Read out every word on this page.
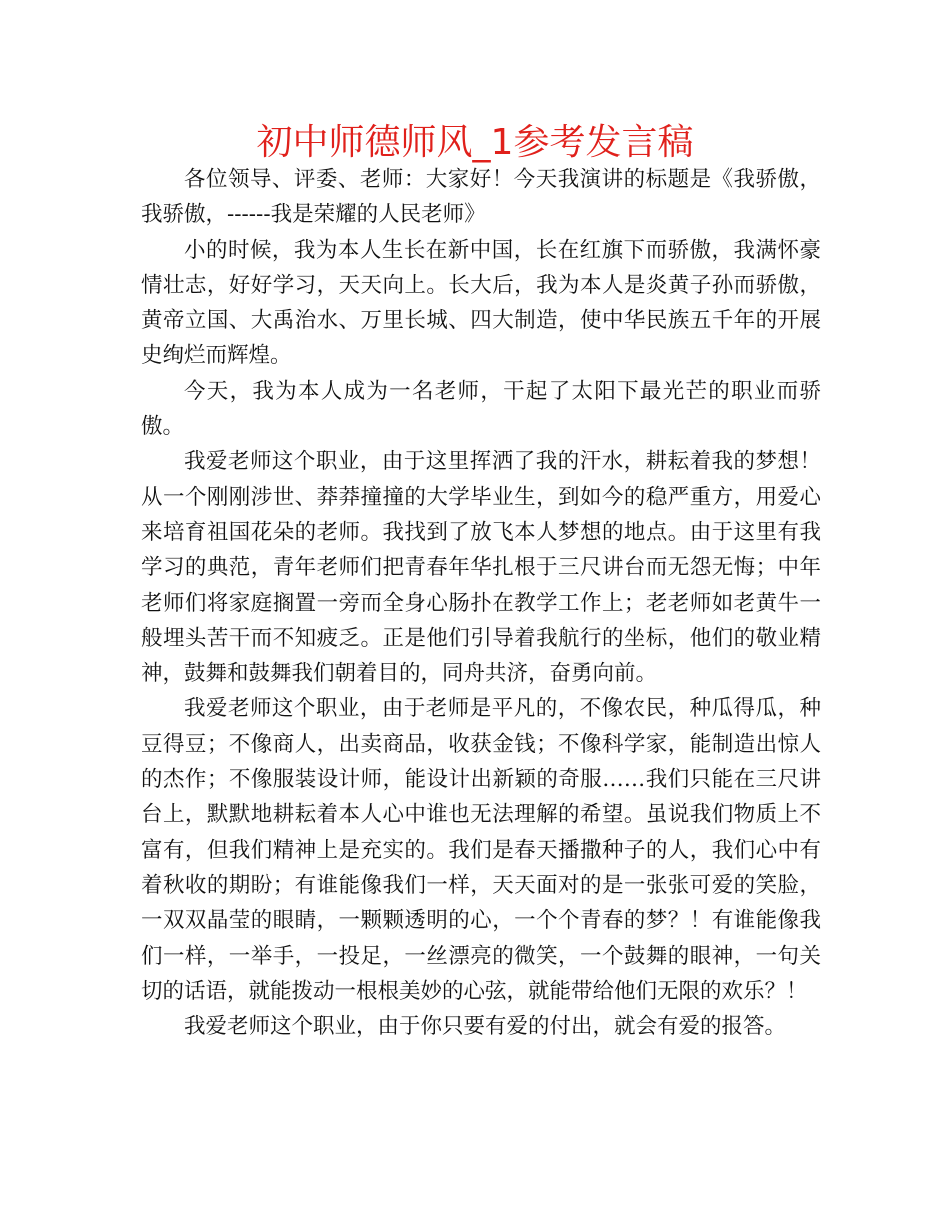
初中师德师风_1参考发言稿

各位领导、评委、老师：大家好！今天我演讲的标题是《我骄傲，我骄傲，------我是荣耀的人民老师》

小的时候，我为本人生长在新中国，长在红旗下而骄傲，我满怀豪情壮志，好好学习，天天向上。长大后，我为本人是炎黄子孙而骄傲，黄帝立国、大禹治水、万里长城、四大制造，使中华民族五千年的开展史绚烂而辉煌。

今天，我为本人成为一名老师，干起了太阳下最光芒的职业而骄傲。

我爱老师这个职业，由于这里挥洒了我的汗水，耕耘着我的梦想！从一个刚刚涉世、莽莽撞撞的大学毕业生，到如今的稳严重方，用爱心来培育祖国花朵的老师。我找到了放飞本人梦想的地点。由于这里有我学习的典范，青年老师们把青春年华扎根于三尺讲台而无怨无悔；中年老师们将家庭搁置一旁而全身心肠扑在教学工作上；老老师如老黄牛一般埋头苦干而不知疲乏。正是他们引导着我航行的坐标，他们的敬业精神，鼓舞和鼓舞我们朝着目的，同舟共济，奋勇向前。

我爱老师这个职业，由于老师是平凡的，不像农民，种瓜得瓜，种豆得豆；不像商人，出卖商品，收获金钱；不像科学家，能制造出惊人的杰作；不像服装设计师，能设计出新颖的奇服……我们只能在三尺讲台上，默默地耕耘着本人心中谁也无法理解的希望。虽说我们物质上不富有，但我们精神上是充实的。我们是春天播撒种子的人，我们心中有着秋收的期盼；有谁能像我们一样，天天面对的是一张张可爱的笑脸，一双双晶莹的眼睛，一颗颗透明的心，一个个青春的梦？！有谁能像我们一样，一举手，一投足，一丝漂亮的微笑，一个鼓舞的眼神，一句关切的话语，就能拨动一根根美妙的心弦，就能带给他们无限的欢乐？！

我爱老师这个职业，由于你只要有爱的付出，就会有爱的报答。
